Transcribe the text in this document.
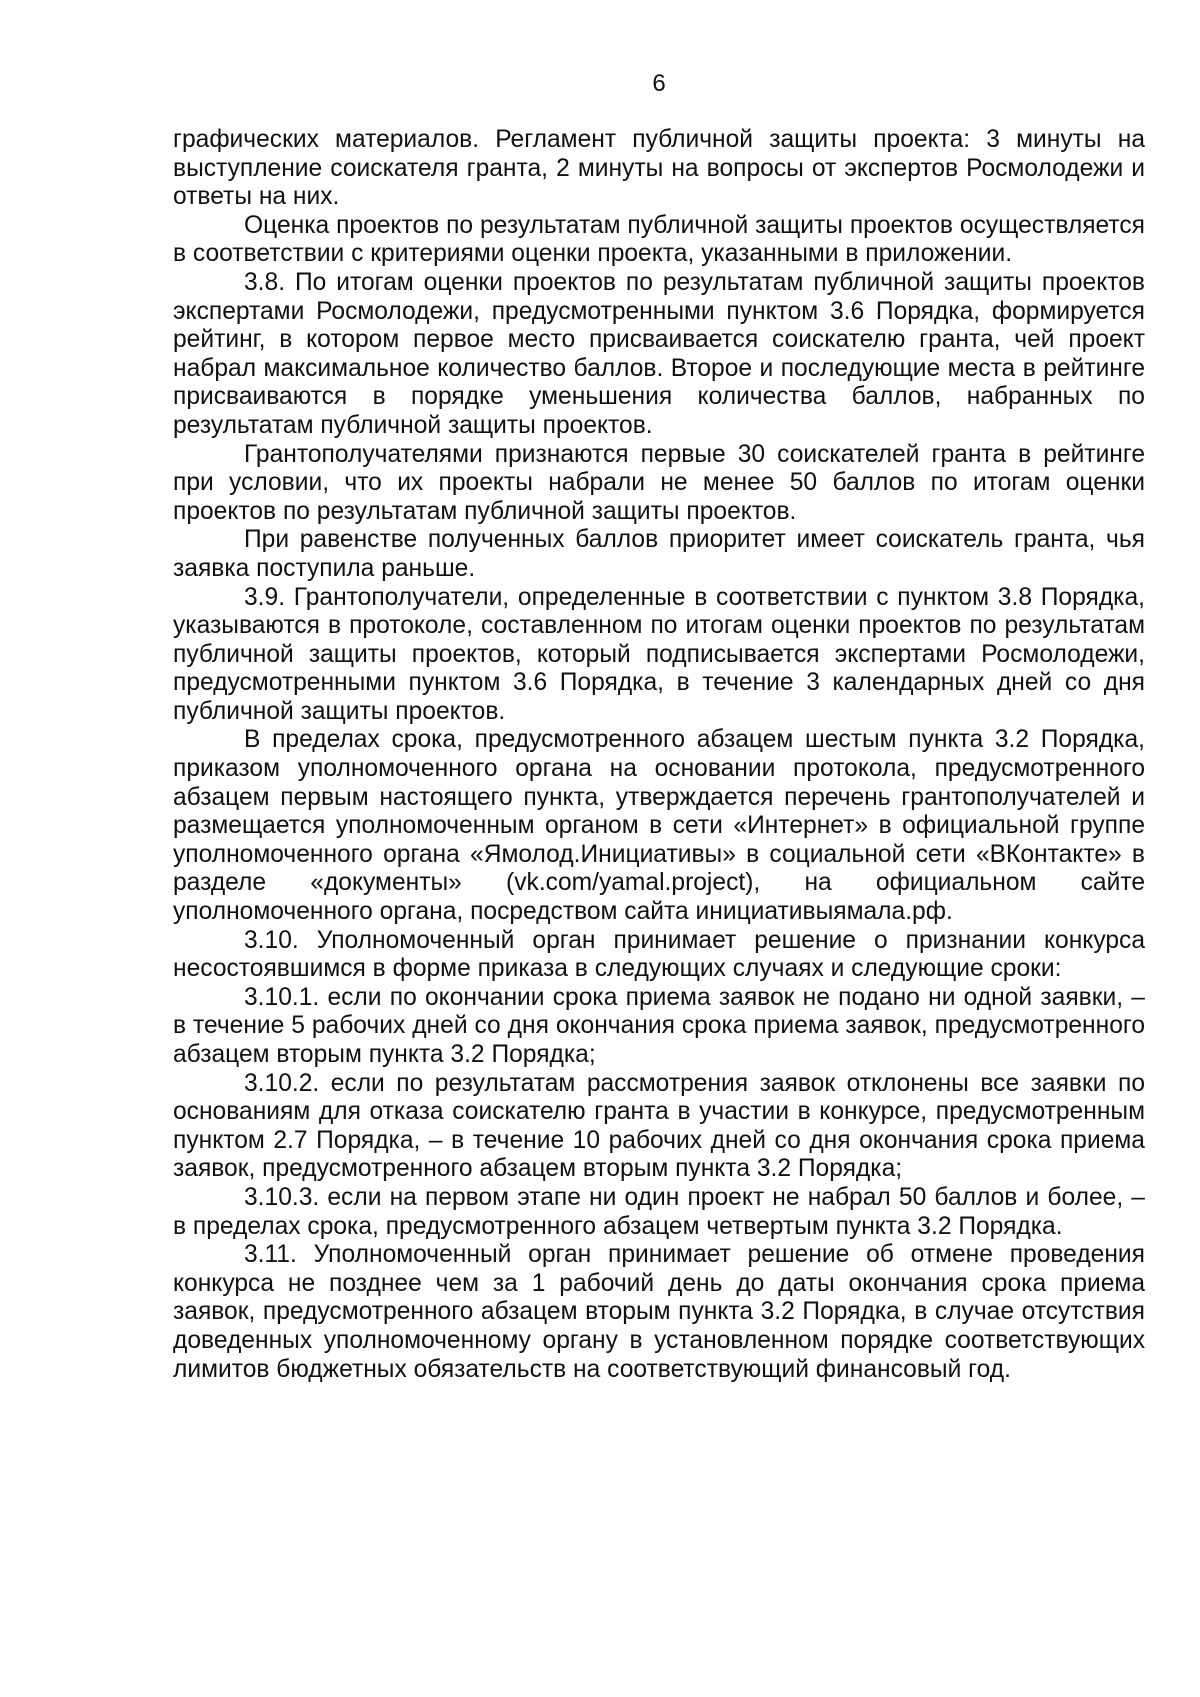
6

графических материалов. Регламент публичной защиты проекта: 3 минуты на выступление соискателя гранта, 2 минуты на вопросы от экспертов Росмолодежи и ответы на них.

Оценка проектов по результатам публичной защиты проектов осуществляется в соответствии с критериями оценки проекта, указанными в приложении.

3.8. По итогам оценки проектов по результатам публичной защиты проектов экспертами Росмолодежи, предусмотренными пунктом 3.6 Порядка, формируется рейтинг, в котором первое место присваивается соискателю гранта, чей проект набрал максимальное количество баллов. Второе и последующие места в рейтинге присваиваются в порядке уменьшения количества баллов, набранных по результатам публичной защиты проектов.

Грантополучателями признаются первые 30 соискателей гранта в рейтинге при условии, что их проекты набрали не менее 50 баллов по итогам оценки проектов по результатам публичной защиты проектов.

При равенстве полученных баллов приоритет имеет соискатель гранта, чья заявка поступила раньше.

3.9. Грантополучатели, определенные в соответствии с пунктом 3.8 Порядка, указываются в протоколе, составленном по итогам оценки проектов по результатам публичной защиты проектов, который подписывается экспертами Росмолодежи, предусмотренными пунктом 3.6 Порядка, в течение 3 календарных дней со дня публичной защиты проектов.

В пределах срока, предусмотренного абзацем шестым пункта 3.2 Порядка, приказом уполномоченного органа на основании протокола, предусмотренного абзацем первым настоящего пункта, утверждается перечень грантополучателей и размещается уполномоченным органом в сети «Интернет» в официальной группе уполномоченного органа «Ямолод.Инициативы» в социальной сети «ВКонтакте» в разделе «документы» (vk.com/yamal.project), на официальном сайте уполномоченного органа, посредством сайта инициативыямала.рф.

3.10. Уполномоченный орган принимает решение о признании конкурса несостоявшимся в форме приказа в следующих случаях и следующие сроки:

3.10.1. если по окончании срока приема заявок не подано ни одной заявки, – в течение 5 рабочих дней со дня окончания срока приема заявок, предусмотренного абзацем вторым пункта 3.2 Порядка;

3.10.2. если по результатам рассмотрения заявок отклонены все заявки по основаниям для отказа соискателю гранта в участии в конкурсе, предусмотренным пунктом 2.7 Порядка, – в течение 10 рабочих дней со дня окончания срока приема заявок, предусмотренного абзацем вторым пункта 3.2 Порядка;

3.10.3. если на первом этапе ни один проект не набрал 50 баллов и более, – в пределах срока, предусмотренного абзацем четвертым пункта 3.2 Порядка.

3.11. Уполномоченный орган принимает решение об отмене проведения конкурса не позднее чем за 1 рабочий день до даты окончания срока приема заявок, предусмотренного абзацем вторым пункта 3.2 Порядка, в случае отсутствия доведенных уполномоченному органу в установленном порядке соответствующих лимитов бюджетных обязательств на соответствующий финансовый год.
